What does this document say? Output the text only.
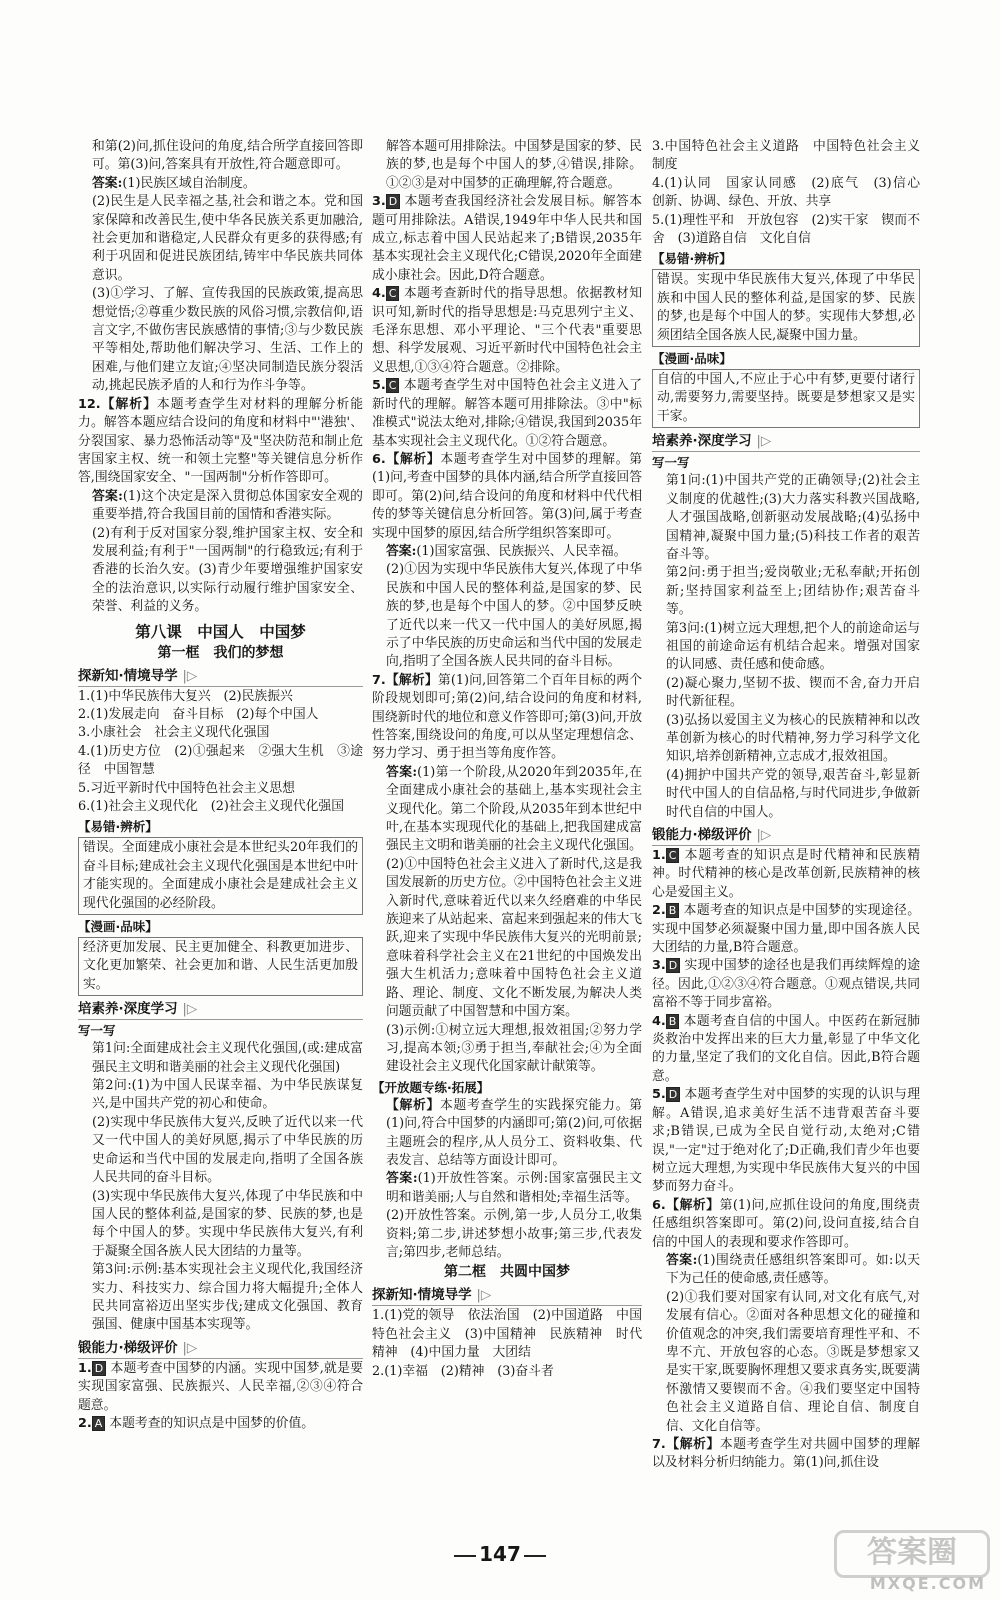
和第(2)问,抓住设问的角度,结合所学直接回答即可。第(3)问,答案具有开放性,符合题意即可。

答案:(1)民族区域自治制度。

(2)民生是人民幸福之基,社会和谐之本。党和国家保障和改善民生,使中华各民族关系更加融洽,社会更加和谐稳定,人民群众有更多的获得感;有利于巩固和促进民族团结,铸牢中华民族共同体意识。

(3)①学习、了解、宣传我国的民族政策,提高思想觉悟;②尊重少数民族的风俗习惯,宗教信仰,语言文字,不做伤害民族感情的事情;③与少数民族平等相处,帮助他们解决学习、生活、工作上的困难,与他们建立友谊;④坚决同制造民族分裂活动,挑起民族矛盾的人和行为作斗争等。

12.【解析】本题考查学生对材料的理解分析能力。解答本题应结合设问的角度和材料中"'港独'、分裂国家、暴力恐怖活动等"及"坚决防范和制止危害国家主权、统一和领土完整"等关键信息分析作答,围绕国家安全、"一国两制"分析作答即可。

答案:(1)这个决定是深入贯彻总体国家安全观的重要举措,符合我国目前的国情和香港实际。

(2)有利于反对国家分裂,维护国家主权、安全和发展利益;有利于"一国两制"的行稳致远;有利于香港的长治久安。(3)青少年要增强维护国家安全的法治意识,以实际行动履行维护国家安全、荣誉、利益的义务。

第八课　中国人　中国梦

第一框　我们的梦想

探新知·情境导学 |▷

1.(1)中华民族伟大复兴　(2)民族振兴

2.(1)发展走向　奋斗目标　(2)每个中国人

3.小康社会　社会主义现代化强国

4.(1)历史方位　(2)①强起来　②强大生机　③途径　中国智慧

5.习近平新时代中国特色社会主义思想

6.(1)社会主义现代化　(2)社会主义现代化强国

【易错·辨析】

错误。全面建成小康社会是本世纪头20年我们的奋斗目标;建成社会主义现代化强国是本世纪中叶才能实现的。全面建成小康社会是建成社会主义现代化强国的必经阶段。

【漫画·品味】

经济更加发展、民主更加健全、科教更加进步、文化更加繁荣、社会更加和谐、人民生活更加殷实。

培素养·深度学习 |▷

写一写

第1问:全面建成社会主义现代化强国,(或:建成富强民主文明和谐美丽的社会主义现代化强国)

第2问:(1)为中国人民谋幸福、为中华民族谋复兴,是中国共产党的初心和使命。

(2)实现中华民族伟大复兴,反映了近代以来一代又一代中国人的美好夙愿,揭示了中华民族的历史命运和当代中国的发展走向,指明了全国各族人民共同的奋斗目标。

(3)实现中华民族伟大复兴,体现了中华民族和中国人民的整体利益,是国家的梦、民族的梦,也是每个中国人的梦。实现中华民族伟大复兴,有利于凝聚全国各族人民大团结的力量等。

第3问:示例:基本实现社会主义现代化,我国经济实力、科技实力、综合国力将大幅提升;全体人民共同富裕迈出坚实步伐;建成文化强国、教育强国、健康中国基本实现等。

锻能力·梯级评价 |▷

1. D 本题考查中国梦的内涵。实现中国梦,就是要实现国家富强、民族振兴、人民幸福,②③④符合题意。

2. A 本题考查的知识点是中国梦的价值。

解答本题可用排除法。中国梦是国家的梦、民族的梦,也是每个中国人的梦,④错误,排除。①②③是对中国梦的正确理解,符合题意。

3. D 本题考查我国经济社会发展目标。解答本题可用排除法。A错误,1949年中华人民共和国成立,标志着中国人民站起来了;B错误,2035年基本实现社会主义现代化;C错误,2020年全面建成小康社会。因此,D符合题意。

4. C 本题考查新时代的指导思想。依据教材知识可知,新时代的指导思想是:马克思列宁主义、毛泽东思想、邓小平理论、"三个代表"重要思想、科学发展观、习近平新时代中国特色社会主义思想,①③④符合题意。②排除。

5. C 本题考查学生对中国特色社会主义进入了新时代的理解。解答本题可用排除法。③中"标准模式"说法太绝对,排除;④错误,我国到2035年基本实现社会主义现代化。①②符合题意。

6.【解析】本题考查学生对中国梦的理解。第(1)问,考查中国梦的具体内涵,结合所学直接回答即可。第(2)问,结合设问的角度和材料中代代相传的梦等关键信息分析回答。第(3)问,属于考查实现中国梦的原因,结合所学组织答案即可。

答案:(1)国家富强、民族振兴、人民幸福。

(2)①因为实现中华民族伟大复兴,体现了中华民族和中国人民的整体利益,是国家的梦、民族的梦,也是每个中国人的梦。②中国梦反映了近代以来一代又一代中国人的美好夙愿,揭示了中华民族的历史命运和当代中国的发展走向,指明了全国各族人民共同的奋斗目标。

7.【解析】第(1)问,回答第二个百年目标的两个阶段规划即可;第(2)问,结合设问的角度和材料,围绕新时代的地位和意义作答即可;第(3)问,开放性答案,围绕设问的角度,可以从坚定理想信念、努力学习、勇于担当等角度作答。

答案:(1)第一个阶段,从2020年到2035年,在全面建成小康社会的基础上,基本实现社会主义现代化。第二个阶段,从2035年到本世纪中叶,在基本实现现代化的基础上,把我国建成富强民主文明和谐美丽的社会主义现代化强国。

(2)①中国特色社会主义进入了新时代,这是我国发展新的历史方位。②中国特色社会主义进入新时代,意味着近代以来久经磨难的中华民族迎来了从站起来、富起来到强起来的伟大飞跃,迎来了实现中华民族伟大复兴的光明前景;意味着科学社会主义在21世纪的中国焕发出强大生机活力;意味着中国特色社会主义道路、理论、制度、文化不断发展,为解决人类问题贡献了中国智慧和中国方案。

(3)示例:①树立远大理想,报效祖国;②努力学习,提高本领;③勇于担当,奉献社会;④为全面建设社会主义现代化国家献计献策等。

【开放题专练·拓展】

【解析】本题考查学生的实践探究能力。第(1)问,符合中国梦的内涵即可;第(2)问,可依据主题班会的程序,从人员分工、资料收集、代表发言、总结等方面设计即可。

答案:(1)开放性答案。示例:国家富强民主文明和谐美丽;人与自然和谐相处;幸福生活等。

(2)开放性答案。示例,第一步,人员分工,收集资料;第二步,讲述梦想小故事;第三步,代表发言;第四步,老师总结。

第二框　共圆中国梦

探新知·情境导学 |▷

1.(1)党的领导　依法治国　(2)中国道路　中国特色社会主义　(3)中国精神　民族精神　时代精神　(4)中国力量　大团结

2.(1)幸福　(2)精神　(3)奋斗者

3.中国特色社会主义道路　中国特色社会主义制度

4.(1)认同　国家认同感　(2)底气　(3)信心　创新、协调、绿色、开放、共享

5.(1)理性平和　开放包容　(2)实干家　锲而不舍　(3)道路自信　文化自信

【易错·辨析】

错误。实现中华民族伟大复兴,体现了中华民族和中国人民的整体利益,是国家的梦、民族的梦,也是每个中国人的梦。实现伟大梦想,必须团结全国各族人民,凝聚中国力量。

【漫画·品味】

自信的中国人,不应止于心中有梦,更要付诸行动,需要努力,需要坚持。既要是梦想家又是实干家。

培素养·深度学习 |▷

写一写

第1问:(1)中国共产党的正确领导;(2)社会主义制度的优越性;(3)大力落实科教兴国战略,人才强国战略,创新驱动发展战略;(4)弘扬中国精神,凝聚中国力量;(5)科技工作者的艰苦奋斗等。

第2问:勇于担当;爱岗敬业;无私奉献;开拓创新;坚持国家利益至上;团结协作;艰苦奋斗等。

第3问:(1)树立远大理想,把个人的前途命运与祖国的前途命运有机结合起来。增强对国家的认同感、责任感和使命感。

(2)凝心聚力,坚韧不拔、锲而不舍,奋力开启时代新征程。

(3)弘扬以爱国主义为核心的民族精神和以改革创新为核心的时代精神,努力学习科学文化知识,培养创新精神,立志成才,报效祖国。

(4)拥护中国共产党的领导,艰苦奋斗,彰显新时代中国人的自信品格,与时代同进步,争做新时代自信的中国人。

锻能力·梯级评价 |▷

1. C 本题考查的知识点是时代精神和民族精神。时代精神的核心是改革创新,民族精神的核心是爱国主义。

2. B 本题考查的知识点是中国梦的实现途径。实现中国梦必须凝聚中国力量,即中国各族人民大团结的力量,B符合题意。

3. D 实现中国梦的途径也是我们再续辉煌的途径。因此,①②③④符合题意。①观点错误,共同富裕不等于同步富裕。

4. B 本题考查自信的中国人。中医药在新冠肺炎救治中发挥出来的巨大力量,彰显了中华文化的力量,坚定了我们的文化自信。因此,B符合题意。

5. D 本题考查学生对中国梦的实现的认识与理解。A错误,追求美好生活不违背艰苦奋斗要求;B错误,已成为全民自觉行动,太绝对;C错误,"一定"过于绝对化了;D正确,我们青少年也要树立远大理想,为实现中华民族伟大复兴的中国梦而努力奋斗。

6.【解析】第(1)问,应抓住设问的角度,围绕责任感组织答案即可。第(2)问,设问直接,结合自信的中国人的表现和要求作答即可。

答案:(1)围绕责任感组织答案即可。如:以天下为己任的使命感,责任感等。

(2)①我们要对国家有认同,对文化有底气,对发展有信心。②面对各种思想文化的碰撞和价值观念的冲突,我们需要培育理性平和、不卑不亢、开放包容的心态。③既是梦想家又是实干家,既要胸怀理想又要求真务实,既要满怀激情又要锲而不舍。④我们要坚定中国特色社会主义道路自信、理论自信、制度自信、文化自信等。

7.【解析】本题考查学生对共圆中国梦的理解以及材料分析归纳能力。第(1)问,抓住设

147	答案圈
MXQE.COM
